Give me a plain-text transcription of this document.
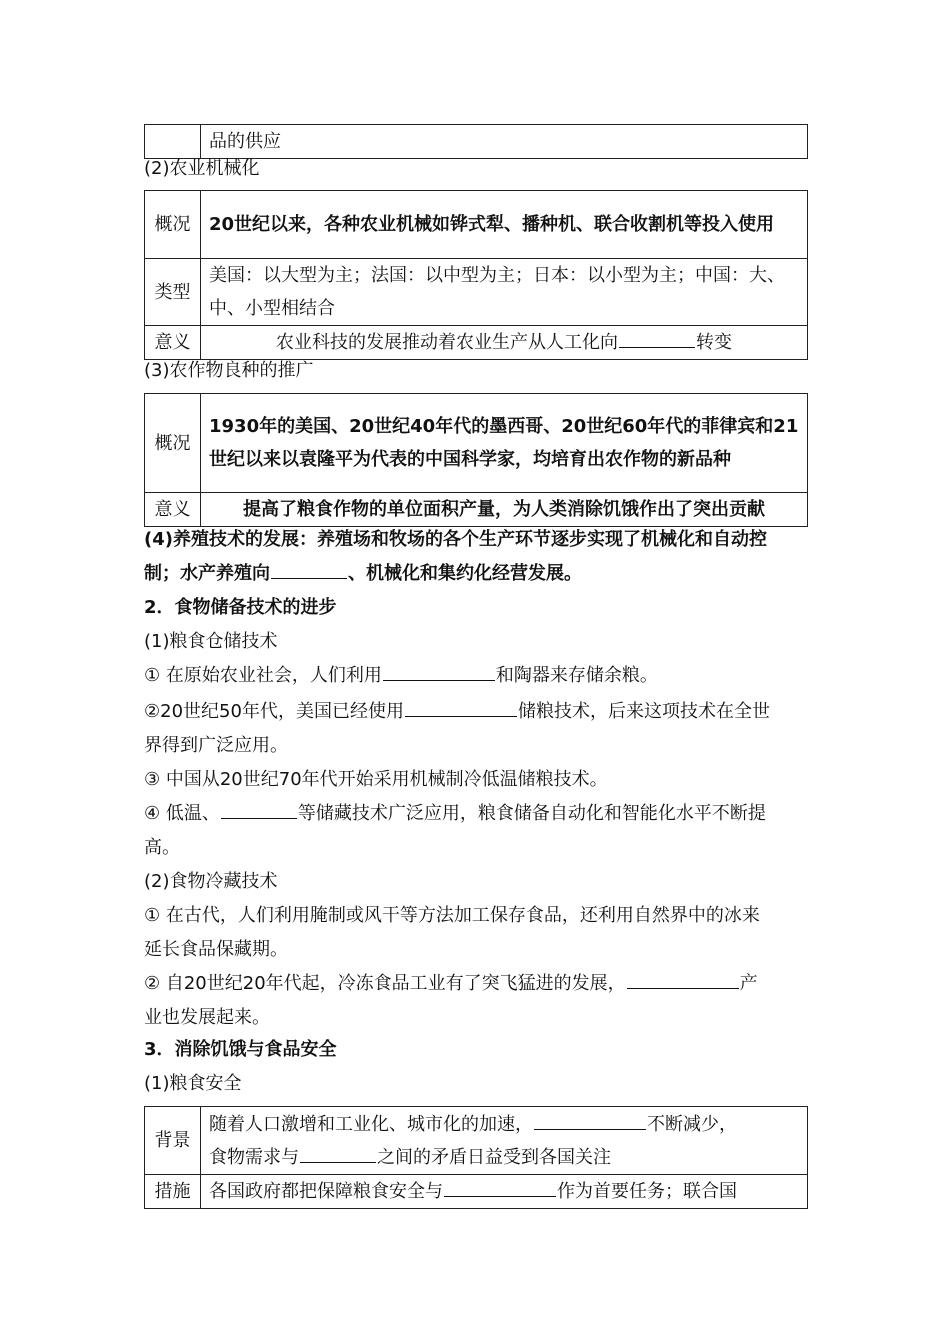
	品的供应

(2)农业机械化

概况	20世纪以来，各种农业机械如铧式犁、播种机、联合收割机等投入使用
类型	美国：以大型为主；法国：以中型为主；日本：以小型为主；中国：大、中、小型相结合
意义	农业科技的发展推动着农业生产从人工化向 转变

(3)农作物良种的推广

概况	1930年的美国、20世纪40年代的墨西哥、20世纪60年代的菲律宾和21世纪以来以袁隆平为代表的中国科学家，均培育出农作物的新品种
意义	提高了粮食作物的单位面积产量，为人类消除饥饿作出了突出贡献

(4)养殖技术的发展：养殖场和牧场的各个生产环节逐步实现了机械化和自动控
制；水产养殖向	、机械化和集约化经营发展。

2．食物储备技术的进步

(1)粮食仓储技术

① 在原始农业社会，人们利用	和陶器来存储余粮。

②20世纪50年代，美国已经使用	储粮技术，后来这项技术在全世
界得到广泛应用。

③ 中国从20世纪70年代开始采用机械制冷低温储粮技术。

④ 低温、	等储藏技术广泛应用，粮食储备自动化和智能化水平不断提
高。

(2)食物冷藏技术

① 在古代，人们利用腌制或风干等方法加工保存食品，还利用自然界中的冰来
延长食品保藏期。

② 自20世纪20年代起，冷冻食品工业有了突飞猛进的发展，	产
业也发展起来。

3．消除饥饿与食品安全

(1)粮食安全

背景	随着人口激增和工业化、城市化的加速， 不断减少，
食物需求与 之间的矛盾日益受到各国关注
措施	各国政府都把保障粮食安全与 作为首要任务；联合国
